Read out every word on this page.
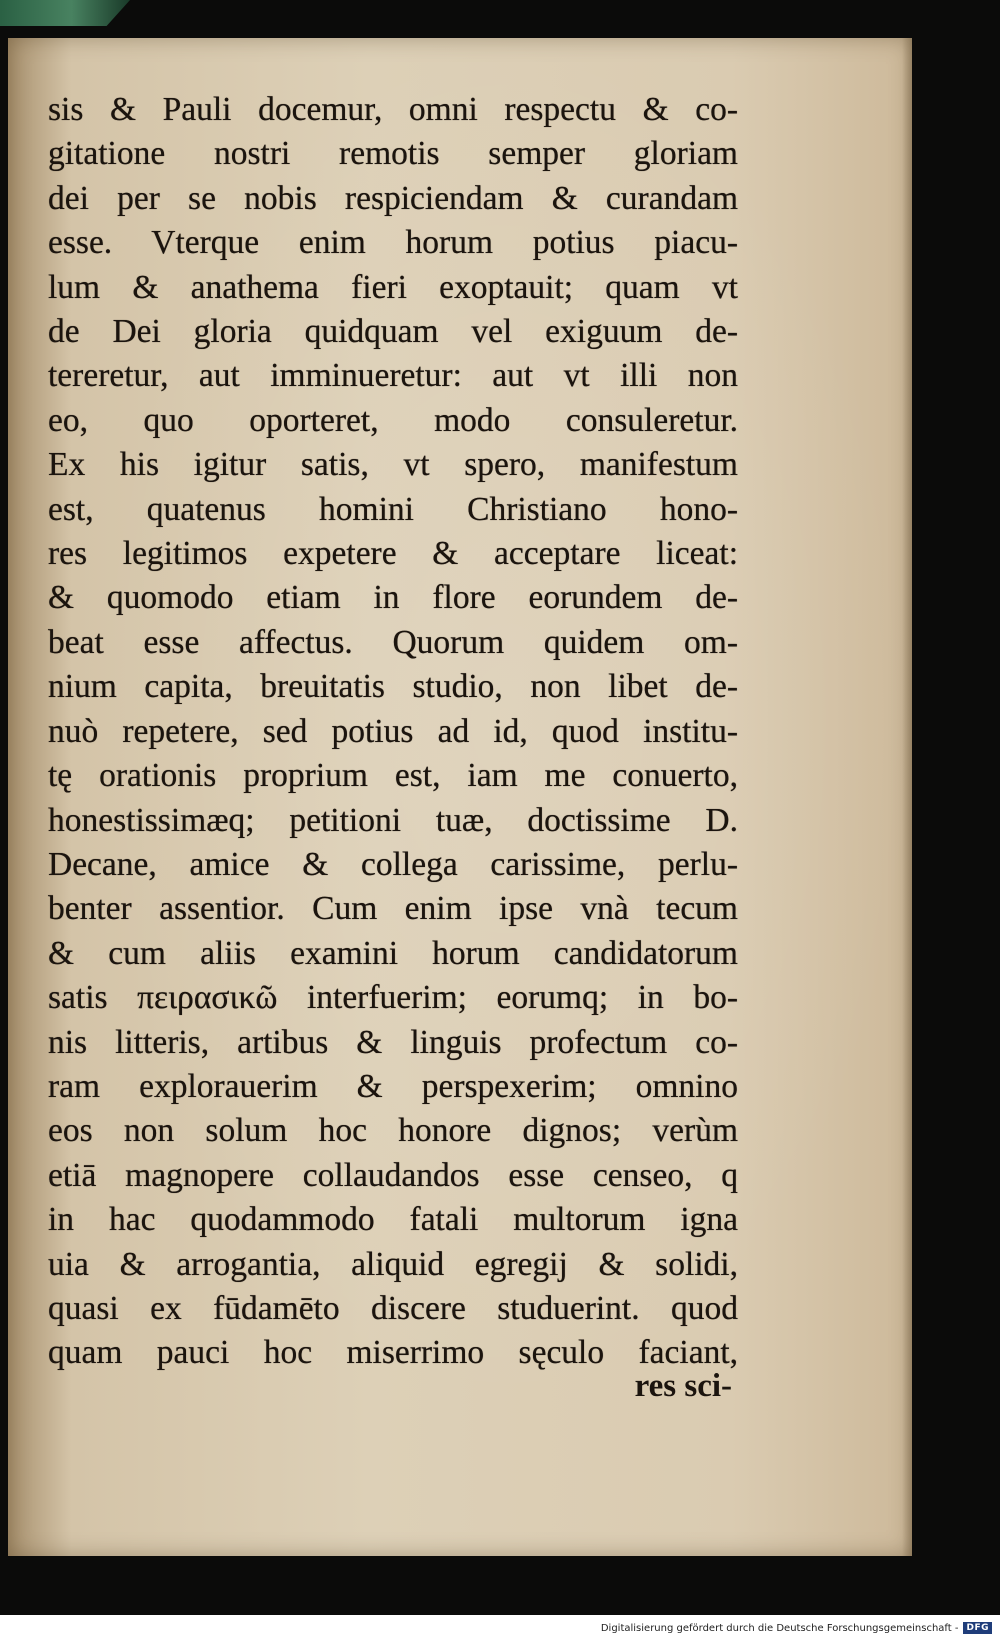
sis & Pauli docemur, omni respectu & co-
gitatione nostri remotis semper gloriam
dei per se nobis respiciendam & curandam
esse. Vterque enim horum potius piacu-
lum & anathema fieri exoptauit; quam vt
de Dei gloria quidquam vel exiguum de-
tereretur, aut imminueretur: aut vt illi non
eo, quo oporteret, modo consuleretur.
Ex his igitur satis, vt spero, manifestum
est, quatenus homini Christiano hono-
res legitimos expetere & acceptare liceat:
& quomodo etiam in flore eorundem de-
beat esse affectus. Quorum quidem om-
nium capita, breuitatis studio, non libet de-
nuò repetere, sed potius ad id, quod institu-
tę orationis proprium est, iam me conuerto,
honestissimæq; petitioni tuæ, doctissime D.
Decane, amice & collega carissime, perlu-
benter assentior. Cum enim ipse vnà tecum
& cum aliis examini horum candidatorum
satis πειρασικῶ interfuerim; eorumq; in bo-
nis litteris, artibus & linguis profectum co-
ram explorauerim & perspexerim; omnino
eos non solum hoc honore dignos; verùm
etiā magnopere collaudandos esse censeo, q
in hac quodammodo fatali multorum igna
uia & arrogantia, aliquid egregij & solidi,
quasi ex fūdamēto discere studuerint. quod
quam pauci hoc miserrimo sęculo faciant,
res sci-
Digitalisierung gefördert durch die Deutsche Forschungsgemeinschaft - DFG
